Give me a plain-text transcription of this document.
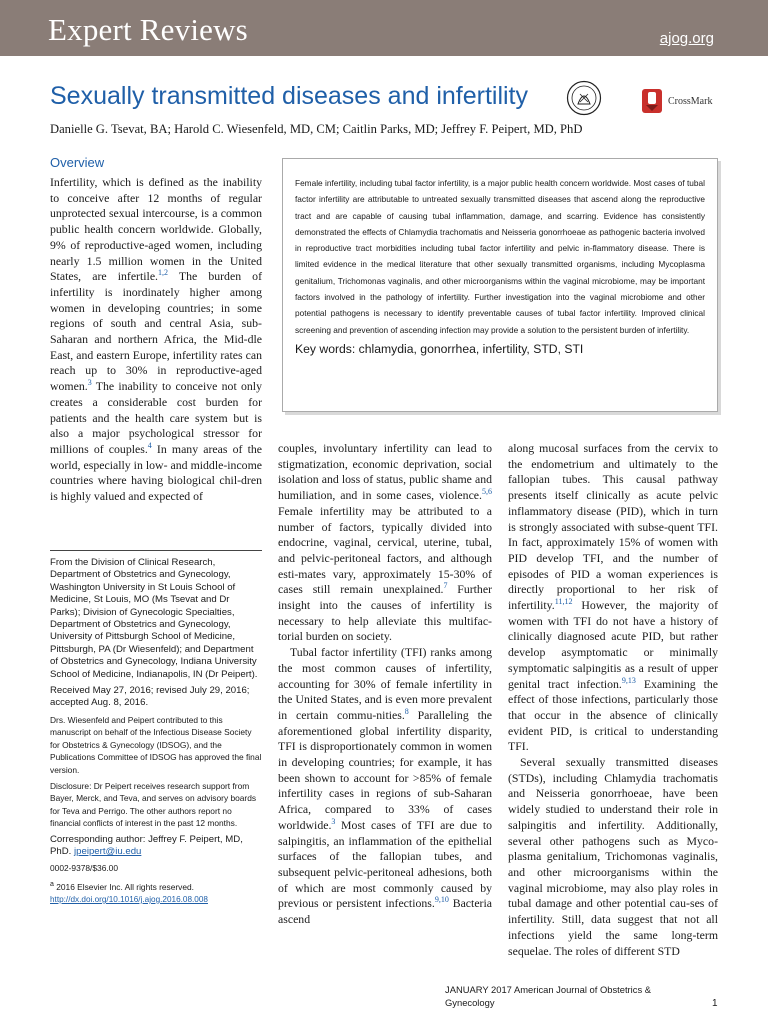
Expert Reviews	ajog.org
Sexually transmitted diseases and infertility	CrossMark
Danielle G. Tsevat, BA; Harold C. Wiesenfeld, MD, CM; Caitlin Parks, MD; Jeffrey F. Peipert, MD, PhD
Overview

Female infertility, including tubal factor infertility, is a major public health concern worldwide. Most cases of tubal factor infertility are attributable to untreated sexually transmitted diseases that ascend along the reproductive tract and are capable of causing tubal inflammation, damage, and scarring. Evidence has consistently demonstrated the effects of Chlamydia trachomatis and Neisseria gonorrhoeae as pathogenic bacteria involved in reproductive tract morbidities including tubal factor infertility and pelvic in-flammatory disease. There is limited evidence in the medical literature that other sexually transmitted organisms, including Mycoplasma genitalium, Trichomonas vaginalis, and other microorganisms within the vaginal microbiome, may be important factors involved in the pathology of infertility. Further investigation into the vaginal microbiome and other potential pathogens is necessary to identify preventable causes of tubal factor infertility. Improved clinical screening and prevention of ascending infection may provide a solution to the persistent burden of infertility.

Key words: chlamydia, gonorrhea, infertility, STD, STI

Infertility, which is defined as the inability to conceive after 12 months of regular unprotected sexual intercourse, is a common public health concern worldwide. Globally, 9% of reproductive-aged women, including nearly 1.5 million women in the United States, are infertile.$^{1,2}$ The burden of infertility is inordinately higher among women in developing countries; in some regions of south and central Asia, sub-Saharan and northern Africa, the Mid-dle East, and eastern Europe, infertility rates can reach up to 30% in reproductive-aged women.$^3$ The inability to conceive not only creates a considerable cost burden for patients and the health care system but is also a major psychological stressor for millions of couples.$^4$ In many areas of the world, especially in low- and middle-income countries where having biological chil-dren is highly valued and expected of

From the Division of Clinical Research, Department of Obstetrics and Gynecology, Washington University in St Louis School of Medicine, St Louis, MO (Ms Tsevat and Dr Parks); Division of Gynecologic Specialties, Department of Obstetrics and Gynecology, University of Pittsburgh School of Medicine, Pittsburgh, PA (Dr Wiesenfeld); and Department of Obstetrics and Gynecology, Indiana University School of Medicine, Indianapolis, IN (Dr Peipert).

Received May 27, 2016; revised July 29, 2016; accepted Aug. 8, 2016.

Drs. Wiesenfeld and Peipert contributed to this manuscript on behalf of the Infectious Disease Society for Obstetrics & Gynecology (IDSOG), and the Publications Committee of IDSOG has approved the final version.

Disclosure: Dr Peipert receives research support from Bayer, Merck, and Teva, and serves on advisory boards for Teva and Perrigo. The other authors report no financial conflicts of interest in the past 12 months.

Corresponding author: Jeffrey F. Peipert, MD, PhD. jpeipert@iu.edu

0002-9378/$36.00

$^a$ 2016 Elsevier Inc. All rights reserved.
http://dx.doi.org/10.1016/j.ajog.2016.08.008

couples, involuntary infertility can lead to stigmatization, economic deprivation, social isolation and loss of status, public shame and humiliation, and in some cases, violence.$^{5,6}$ Female infertility may be attributed to a number of factors, typically divided into endocrine, vaginal, cervical, uterine, tubal, and pelvic-peritoneal factors, and although esti-mates vary, approximately 15-30% of cases still remain unexplained.$^7$ Further insight into the causes of infertility is necessary to help alleviate this multifac-torial burden on society.

Tubal factor infertility (TFI) ranks among the most common causes of infertility, accounting for 30% of female infertility in the United States, and is even more prevalent in certain commu-nities.$^8$ Paralleling the aforementioned global infertility disparity, TFI is disproportionately common in women in developing countries; for example, it has been shown to account for >85% of female infertility cases in regions of sub-Saharan Africa, compared to 33% of cases worldwide.$^3$ Most cases of TFI are due to salpingitis, an inflammation of the epithelial surfaces of the fallopian tubes, and subsequent pelvic-peritoneal adhesions, both of which are most commonly caused by previous or persistent infections.$^{9,10}$ Bacteria ascend

along mucosal surfaces from the cervix to the endometrium and ultimately to the fallopian tubes. This causal pathway presents itself clinically as acute pelvic inflammatory disease (PID), which in turn is strongly associated with subse-quent TFI. In fact, approximately 15% of women with PID develop TFI, and the number of episodes of PID a woman experiences is directly proportional to her risk of infertility.$^{11,12}$ However, the majority of women with TFI do not have a history of clinically diagnosed acute PID, but rather develop asymptomatic or minimally symptomatic salpingitis as a result of upper genital tract infection.$^{9,13}$ Examining the effect of those infections, particularly those that occur in the absence of clinically evident PID, is critical to understanding TFI.

Several sexually transmitted diseases (STDs), including Chlamydia trachomatis and Neisseria gonorrhoeae, have been widely studied to understand their role in salpingitis and infertility. Additionally, several other pathogens such as Myco-plasma genitalium, Trichomonas vaginalis, and other microorganisms within the vaginal microbiome, may also play roles in tubal damage and other potential cau-ses of infertility. Still, data suggest that not all infections yield the same long-term sequelae. The roles of different STD

JANUARY 2017 American Journal of Obstetrics & Gynecology	1
